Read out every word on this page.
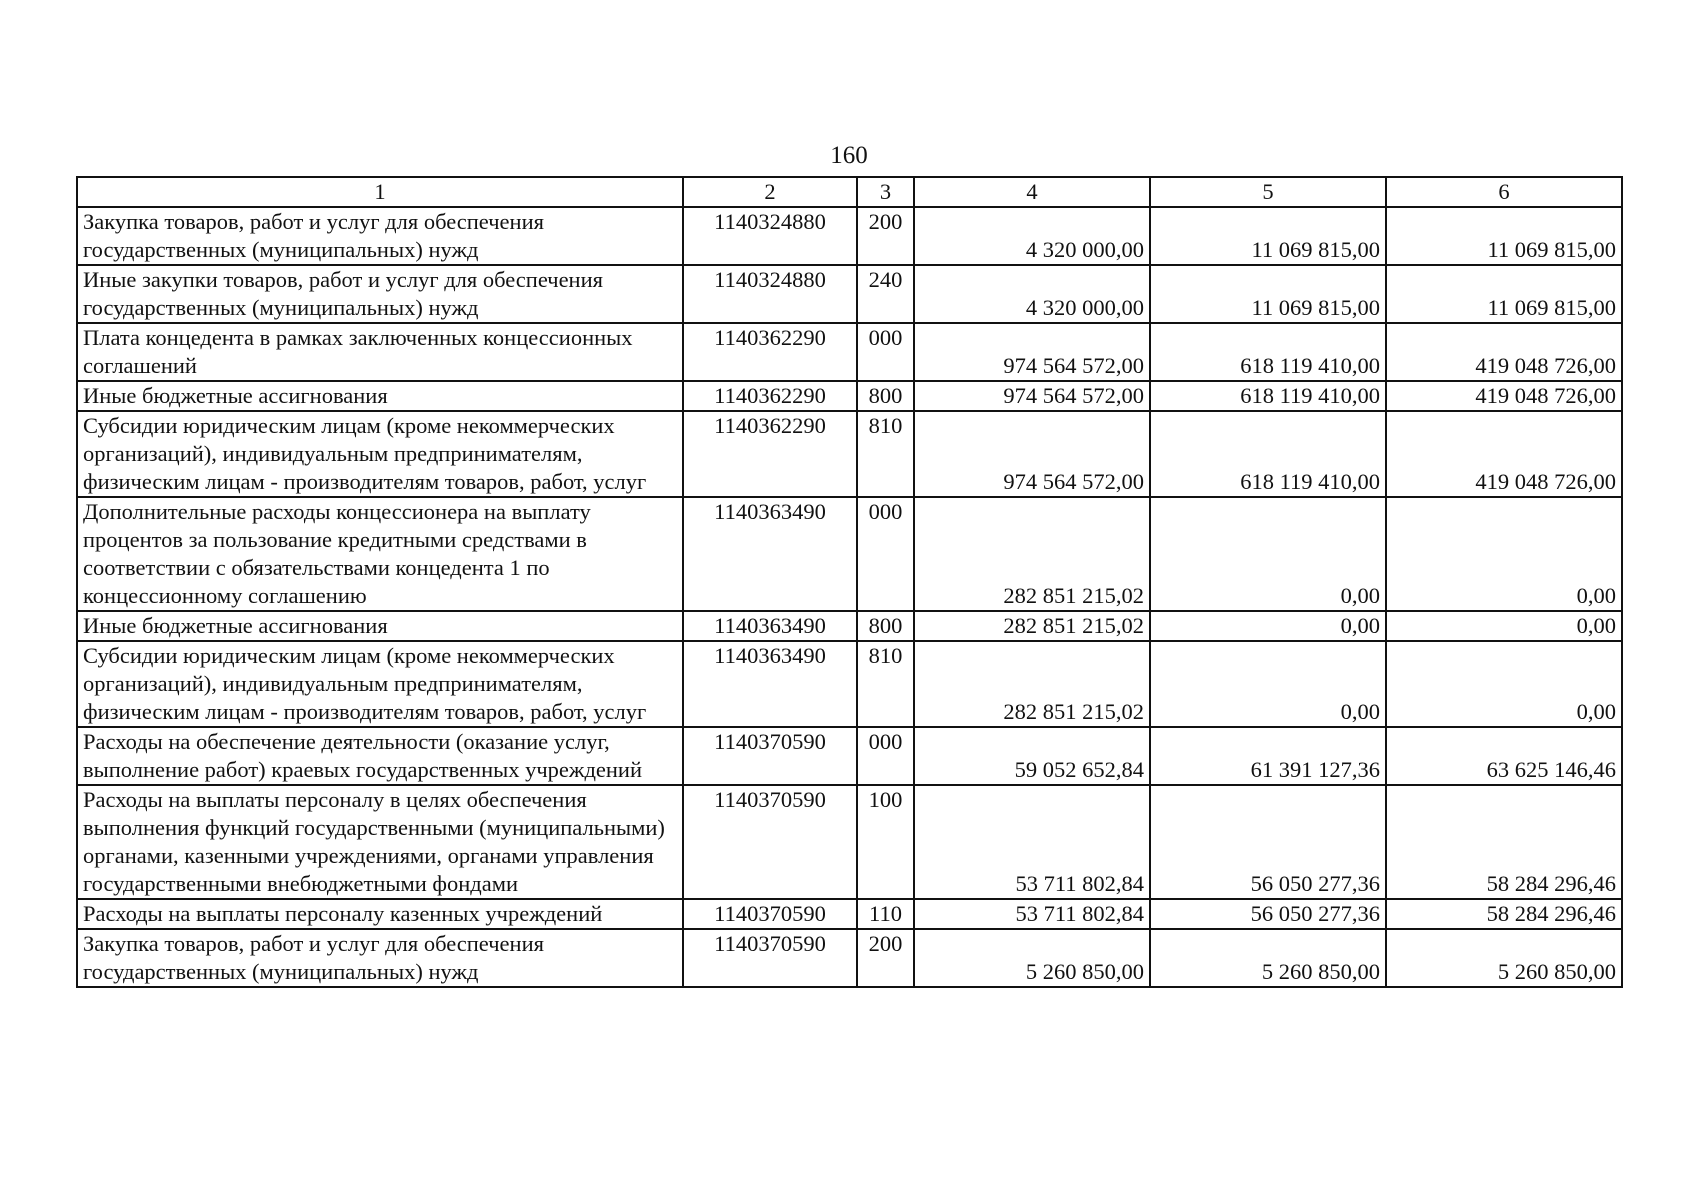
160
1	2	3	4	5	6
Закупка товаров, работ и услуг для обеспечения государственных (муниципальных) нужд	1140324880	200	4 320 000,00	11 069 815,00	11 069 815,00
Иные закупки товаров, работ и услуг для обеспечения государственных (муниципальных) нужд	1140324880	240	4 320 000,00	11 069 815,00	11 069 815,00
Плата концедента в рамках заключенных концессионных соглашений	1140362290	000	974 564 572,00	618 119 410,00	419 048 726,00
Иные бюджетные ассигнования	1140362290	800	974 564 572,00	618 119 410,00	419 048 726,00
Субсидии юридическим лицам (кроме некоммерческих организаций), индивидуальным предпринимателям, физическим лицам - производителям товаров, работ, услуг	1140362290	810	974 564 572,00	618 119 410,00	419 048 726,00
Дополнительные расходы концессионера на выплату процентов за пользование кредитными средствами в соответствии с обязательствами концедента 1 по концессионному соглашению	1140363490	000	282 851 215,02	0,00	0,00
Иные бюджетные ассигнования	1140363490	800	282 851 215,02	0,00	0,00
Субсидии юридическим лицам (кроме некоммерческих организаций), индивидуальным предпринимателям, физическим лицам - производителям товаров, работ, услуг	1140363490	810	282 851 215,02	0,00	0,00
Расходы на обеспечение деятельности (оказание услуг, выполнение работ) краевых государственных учреждений	1140370590	000	59 052 652,84	61 391 127,36	63 625 146,46
Расходы на выплаты персоналу в целях обеспечения выполнения функций государственными (муниципальными) органами, казенными учреждениями, органами управления государственными внебюджетными фондами	1140370590	100	53 711 802,84	56 050 277,36	58 284 296,46
Расходы на выплаты персоналу казенных учреждений	1140370590	110	53 711 802,84	56 050 277,36	58 284 296,46
Закупка товаров, работ и услуг для обеспечения государственных (муниципальных) нужд	1140370590	200	5 260 850,00	5 260 850,00	5 260 850,00
